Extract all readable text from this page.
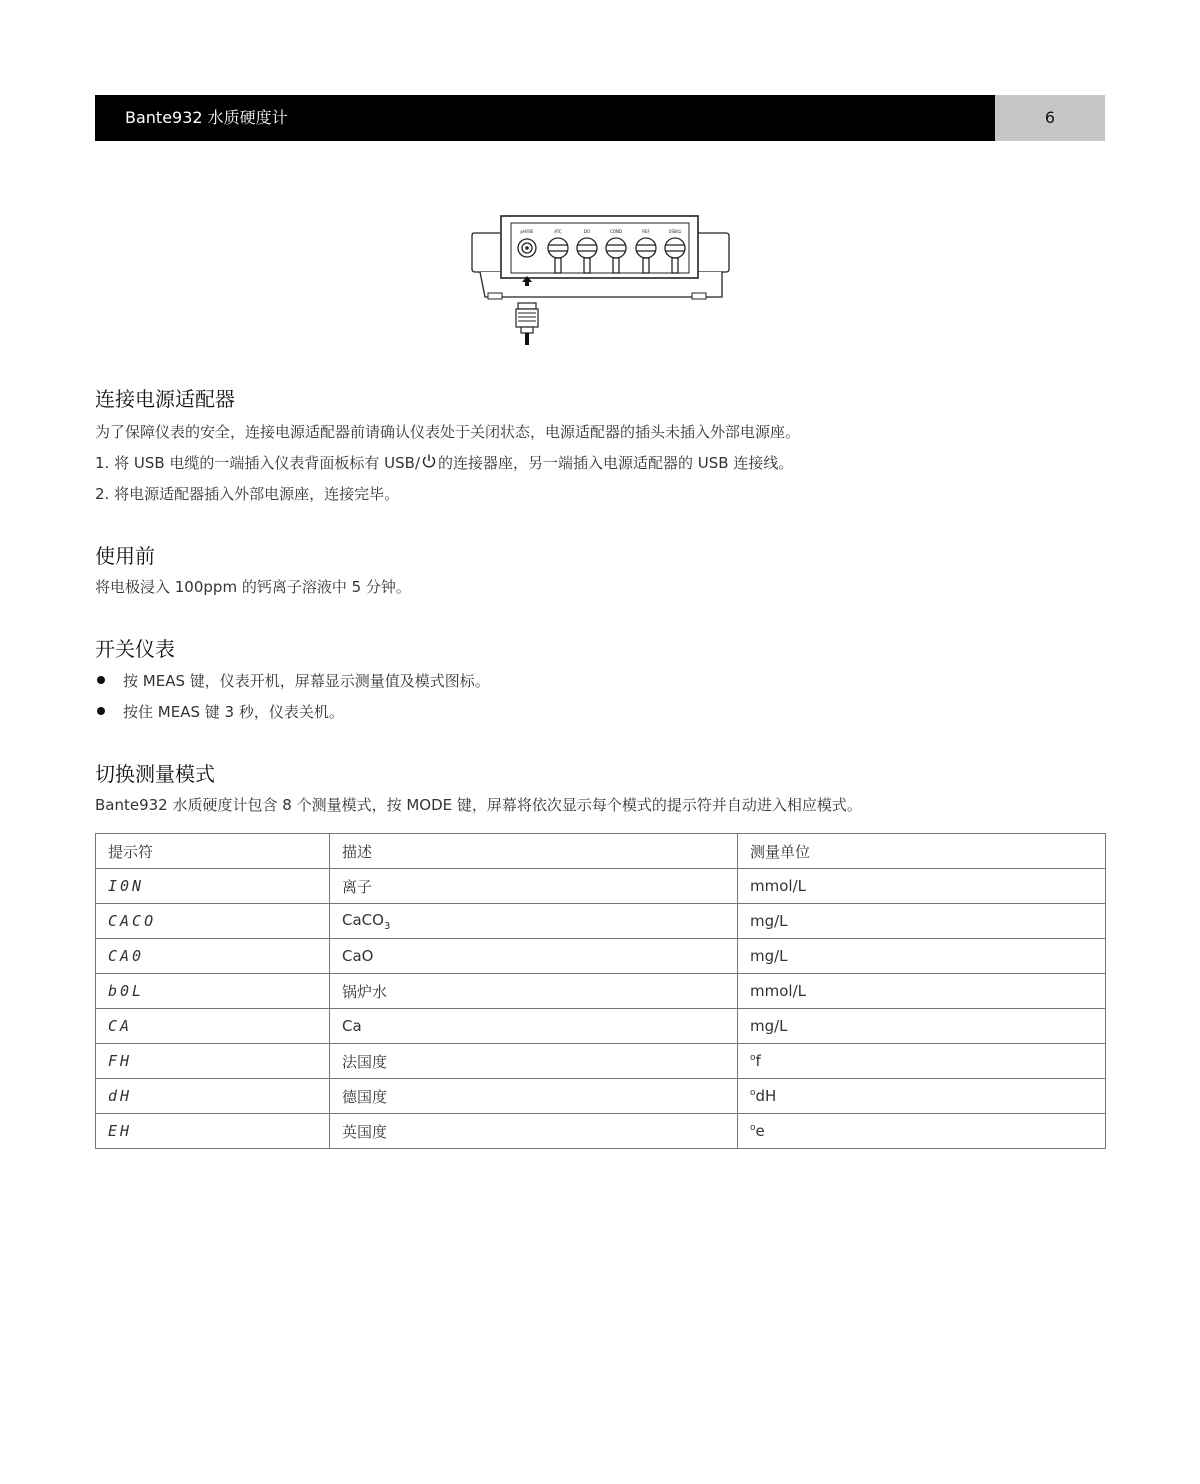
Bante932 水质硬度计	6
pH/ISE	ATC	DO	COND	REF	USB/⏻
连接电源适配器
为了保障仪表的安全，连接电源适配器前请确认仪表处于关闭状态，电源适配器的插头未插入外部电源座。
1. 将 USB 电缆的一端插入仪表背面板标有 USB/ 的连接器座，另一端插入电源适配器的 USB 连接线。
2. 将电源适配器插入外部电源座，连接完毕。
使用前
将电极浸入 100ppm 的钙离子溶液中 5 分钟。
开关仪表
按 MEAS 键，仪表开机，屏幕显示测量值及模式图标。
按住 MEAS 键 3 秒，仪表关机。
切换测量模式
Bante932 水质硬度计包含 8 个测量模式，按 MODE 键，屏幕将依次显示每个模式的提示符并自动进入相应模式。
提示符	描述	测量单位
I0N	离子	mmol/L
CACO	CaCO$_3$	mg/L
CA0	CaO	mg/L
b0L	锅炉水	mmol/L
CA	Ca	mg/L
FH	法国度	$^o$f
dH	德国度	$^o$dH
EH	英国度	$^o$e
